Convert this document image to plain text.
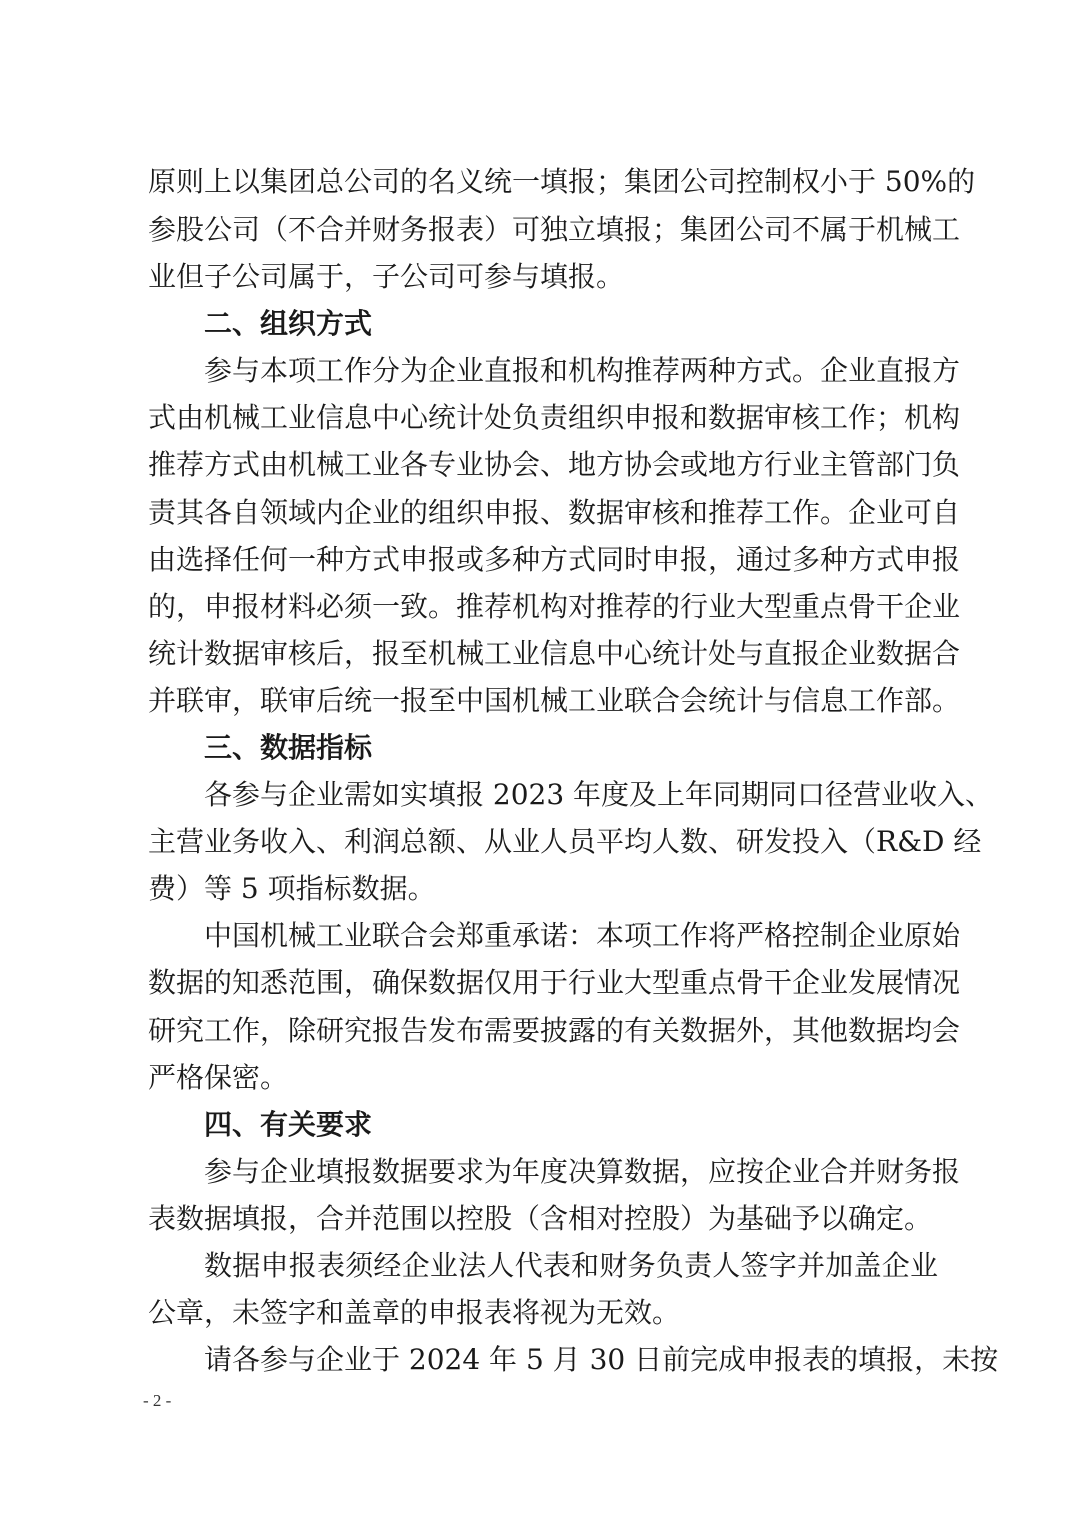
原则上以集团总公司的名义统一填报；集团公司控制权小于 50%的
参股公司（不合并财务报表）可独立填报；集团公司不属于机械工
业但子公司属于，子公司可参与填报。
二、组织方式
参与本项工作分为企业直报和机构推荐两种方式。企业直报方
式由机械工业信息中心统计处负责组织申报和数据审核工作；机构
推荐方式由机械工业各专业协会、地方协会或地方行业主管部门负
责其各自领域内企业的组织申报、数据审核和推荐工作。企业可自
由选择任何一种方式申报或多种方式同时申报，通过多种方式申报
的，申报材料必须一致。推荐机构对推荐的行业大型重点骨干企业
统计数据审核后，报至机械工业信息中心统计处与直报企业数据合
并联审，联审后统一报至中国机械工业联合会统计与信息工作部。
三、数据指标
各参与企业需如实填报 2023 年度及上年同期同口径营业收入、
主营业务收入、利润总额、从业人员平均人数、研发投入（R&D 经
费）等 5 项指标数据。
中国机械工业联合会郑重承诺：本项工作将严格控制企业原始
数据的知悉范围，确保数据仅用于行业大型重点骨干企业发展情况
研究工作，除研究报告发布需要披露的有关数据外，其他数据均会
严格保密。
四、有关要求
参与企业填报数据要求为年度决算数据，应按企业合并财务报
表数据填报，合并范围以控股（含相对控股）为基础予以确定。
数据申报表须经企业法人代表和财务负责人签字并加盖企业
公章，未签字和盖章的申报表将视为无效。
请各参与企业于 2024 年 5 月 30 日前完成申报表的填报，未按
- 2 -
